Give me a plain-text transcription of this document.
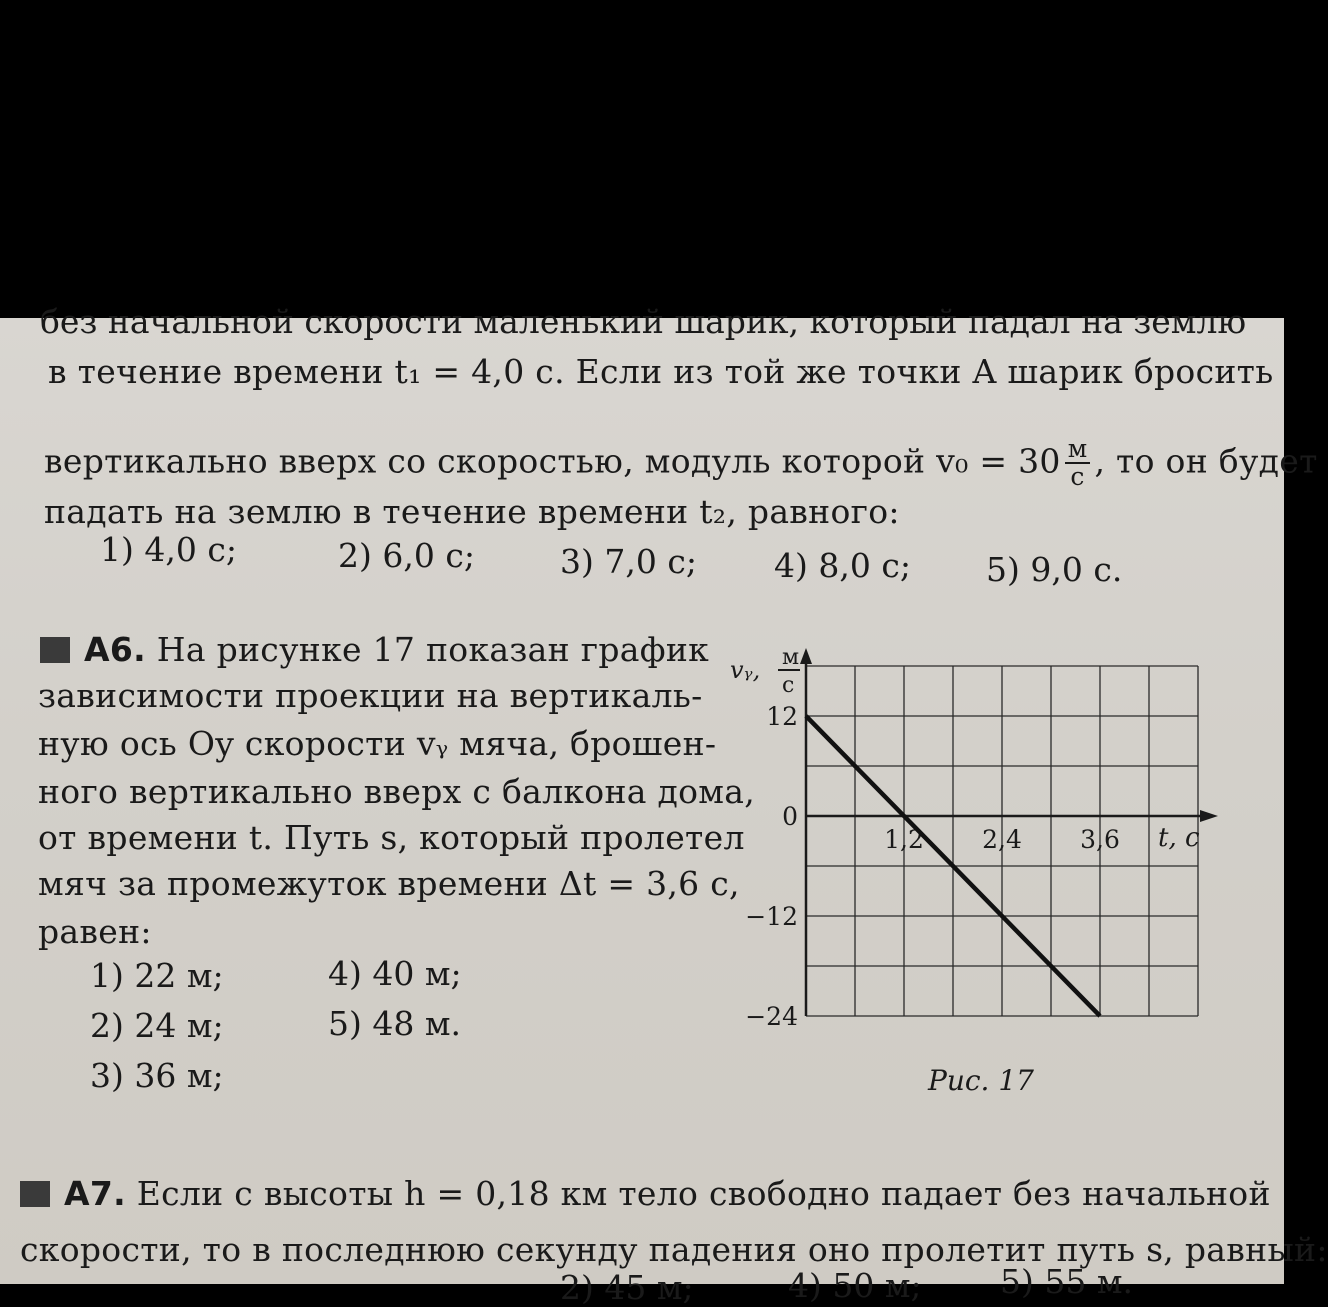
без начальной скорости маленький шарик, который падал на землю
в течение времени t₁ = 4,0 с. Если из той же точки A шарик бросить
вертикально вверх со скоростью, модуль которой $v_0 = 30 \frac{м}{с}$ , то он будет
падать на землю в течение времени t₂, равного:
1) 4,0 с;	2) 6,0 с;	3) 7,0 с; 4) 8,0 с; 5) 9,0 с.
А6. На рисунке 17 показан график
зависимости проекции на вертикаль-
ную ось Oy скорости vᵧ мяча, брошен-
ного вертикально вверх с балкона дома,
от времени t. Путь s, который пролетел
мяч за промежуток времени Δt = 3,6 с,
равен:
1) 22 м;	4) 40 м;
2) 24 м;	5) 48 м.
3) 36 м;
12
0
−12
−24
1,2 2,4 3,6
vᵧ, м
с
t, с
Рис. 17
А7. Если с высоты h = 0,18 км тело свободно падает без начальной
скорости, то в последнюю секунду падения оно пролетит путь s, равный:
2) 45 м;	4) 50 м; 5) 55 м.
